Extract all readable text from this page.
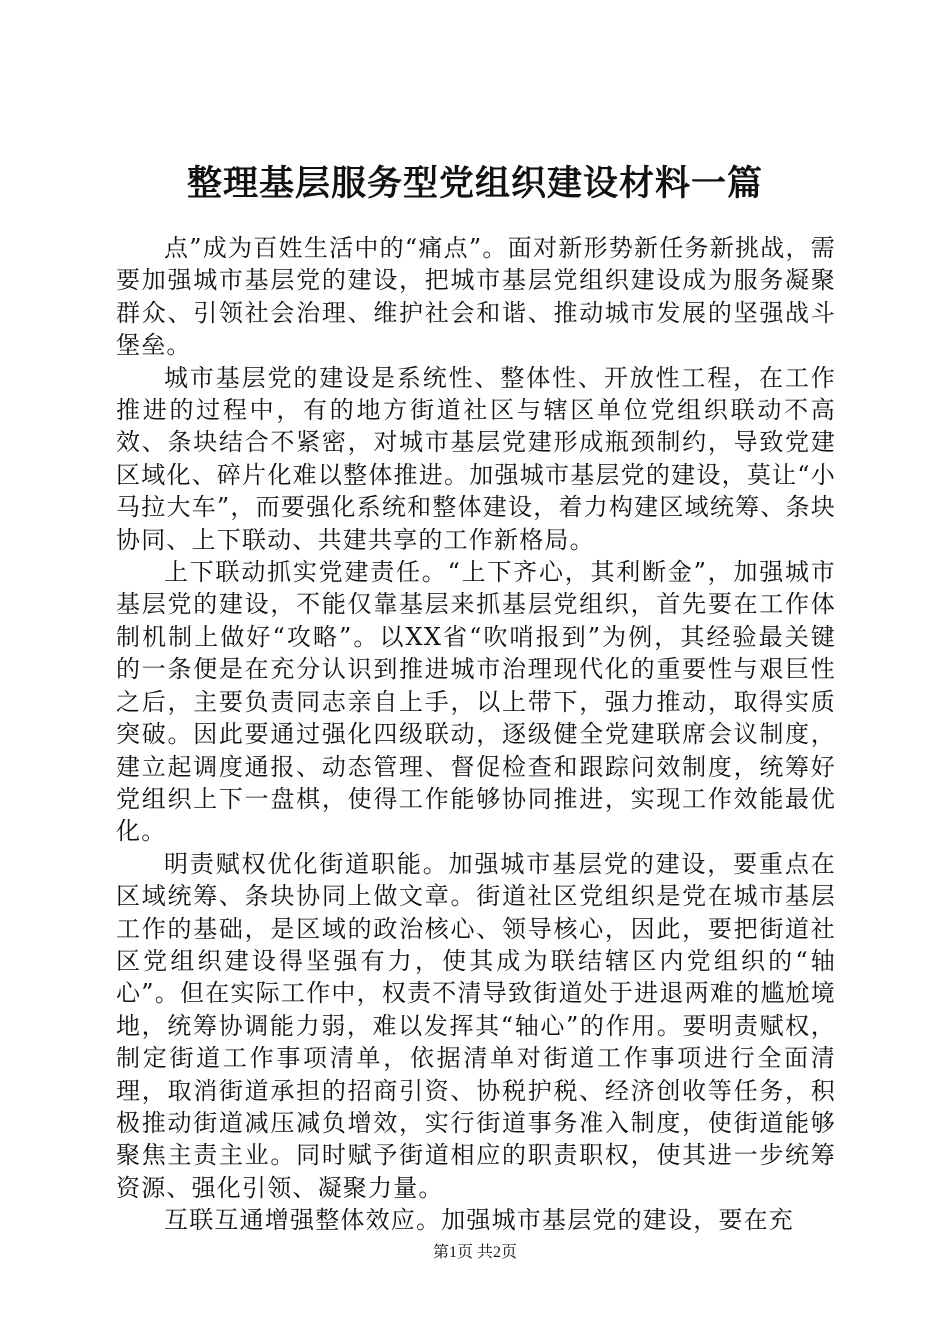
整理基层服务型党组织建设材料一篇

点”成为百姓生活中的“痛点”。面对新形势新任务新挑战，需要加强城市基层党的建设，把城市基层党组织建设成为服务凝聚群众、引领社会治理、维护社会和谐、推动城市发展的坚强战斗堡垒。

城市基层党的建设是系统性、整体性、开放性工程，在工作推进的过程中，有的地方街道社区与辖区单位党组织联动不高效、条块结合不紧密，对城市基层党建形成瓶颈制约，导致党建区域化、碎片化难以整体推进。加强城市基层党的建设，莫让“小马拉大车”，而要强化系统和整体建设，着力构建区域统筹、条块协同、上下联动、共建共享的工作新格局。

上下联动抓实党建责任。“上下齐心，其利断金”，加强城市基层党的建设，不能仅靠基层来抓基层党组织，首先要在工作体制机制上做好“攻略”。以XX省“吹哨报到”为例，其经验最关键的一条便是在充分认识到推进城市治理现代化的重要性与艰巨性之后，主要负责同志亲自上手，以上带下，强力推动，取得实质突破。因此要通过强化四级联动，逐级健全党建联席会议制度，建立起调度通报、动态管理、督促检查和跟踪问效制度，统筹好党组织上下一盘棋，使得工作能够协同推进，实现工作效能最优化。

明责赋权优化街道职能。加强城市基层党的建设，要重点在区域统筹、条块协同上做文章。街道社区党组织是党在城市基层工作的基础，是区域的政治核心、领导核心，因此，要把街道社区党组织建设得坚强有力，使其成为联结辖区内党组织的“轴心”。但在实际工作中，权责不清导致街道处于进退两难的尴尬境地，统筹协调能力弱，难以发挥其“轴心”的作用。要明责赋权，制定街道工作事项清单，依据清单对街道工作事项进行全面清理，取消街道承担的招商引资、协税护税、经济创收等任务，积极推动街道减压减负增效，实行街道事务准入制度，使街道能够聚焦主责主业。同时赋予街道相应的职责职权，使其进一步统筹资源、强化引领、凝聚力量。

互联互通增强整体效应。加强城市基层党的建设，要在充

第1页 共2页
